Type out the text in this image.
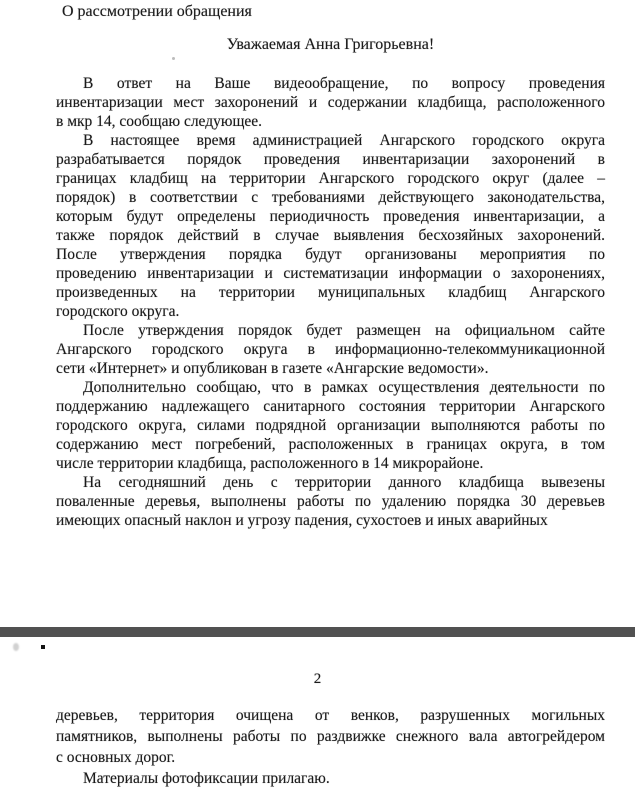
О рассмотрении обращения
Уважаемая Анна Григорьевна!
В ответ на Ваше видеообращение, по вопросу проведения
инвентаризации мест захоронений и содержании кладбища, расположенного
в мкр 14, сообщаю следующее.
В настоящее время администрацией Ангарского городского округа
разрабатывается порядок проведения инвентаризации захоронений в
границах кладбищ на территории Ангарского городского округ (далее –
порядок) в соответствии с требованиями действующего законодательства,
которым будут определены периодичность проведения инвентаризации, а
также порядок действий в случае выявления бесхозяйных захоронений.
После утверждения порядка будут организованы мероприятия по
проведению инвентаризации и систематизации информации о захоронениях,
произведенных на территории муниципальных кладбищ Ангарского
городского округа.
После утверждения порядок будет размещен на официальном сайте
Ангарского городского округа в информационно-телекоммуникационной
сети «Интернет» и опубликован в газете «Ангарские ведомости».
Дополнительно сообщаю, что в рамках осуществления деятельности по
поддержанию надлежащего санитарного состояния территории Ангарского
городского округа, силами подрядной организации выполняются работы по
содержанию мест погребений, расположенных в границах округа, в том
числе территории кладбища, расположенного в 14 микрорайоне.
На сегодняшний день с территории данного кладбища вывезены
поваленные деревья, выполнены работы по удалению порядка 30 деревьев
имеющих опасный наклон и угрозу падения, сухостоев и иных аварийных
2
деревьев, территория очищена от венков, разрушенных могильных
памятников, выполнены работы по раздвижке снежного вала автогрейдером
с основных дорог.
Материалы фотофиксации прилагаю.
